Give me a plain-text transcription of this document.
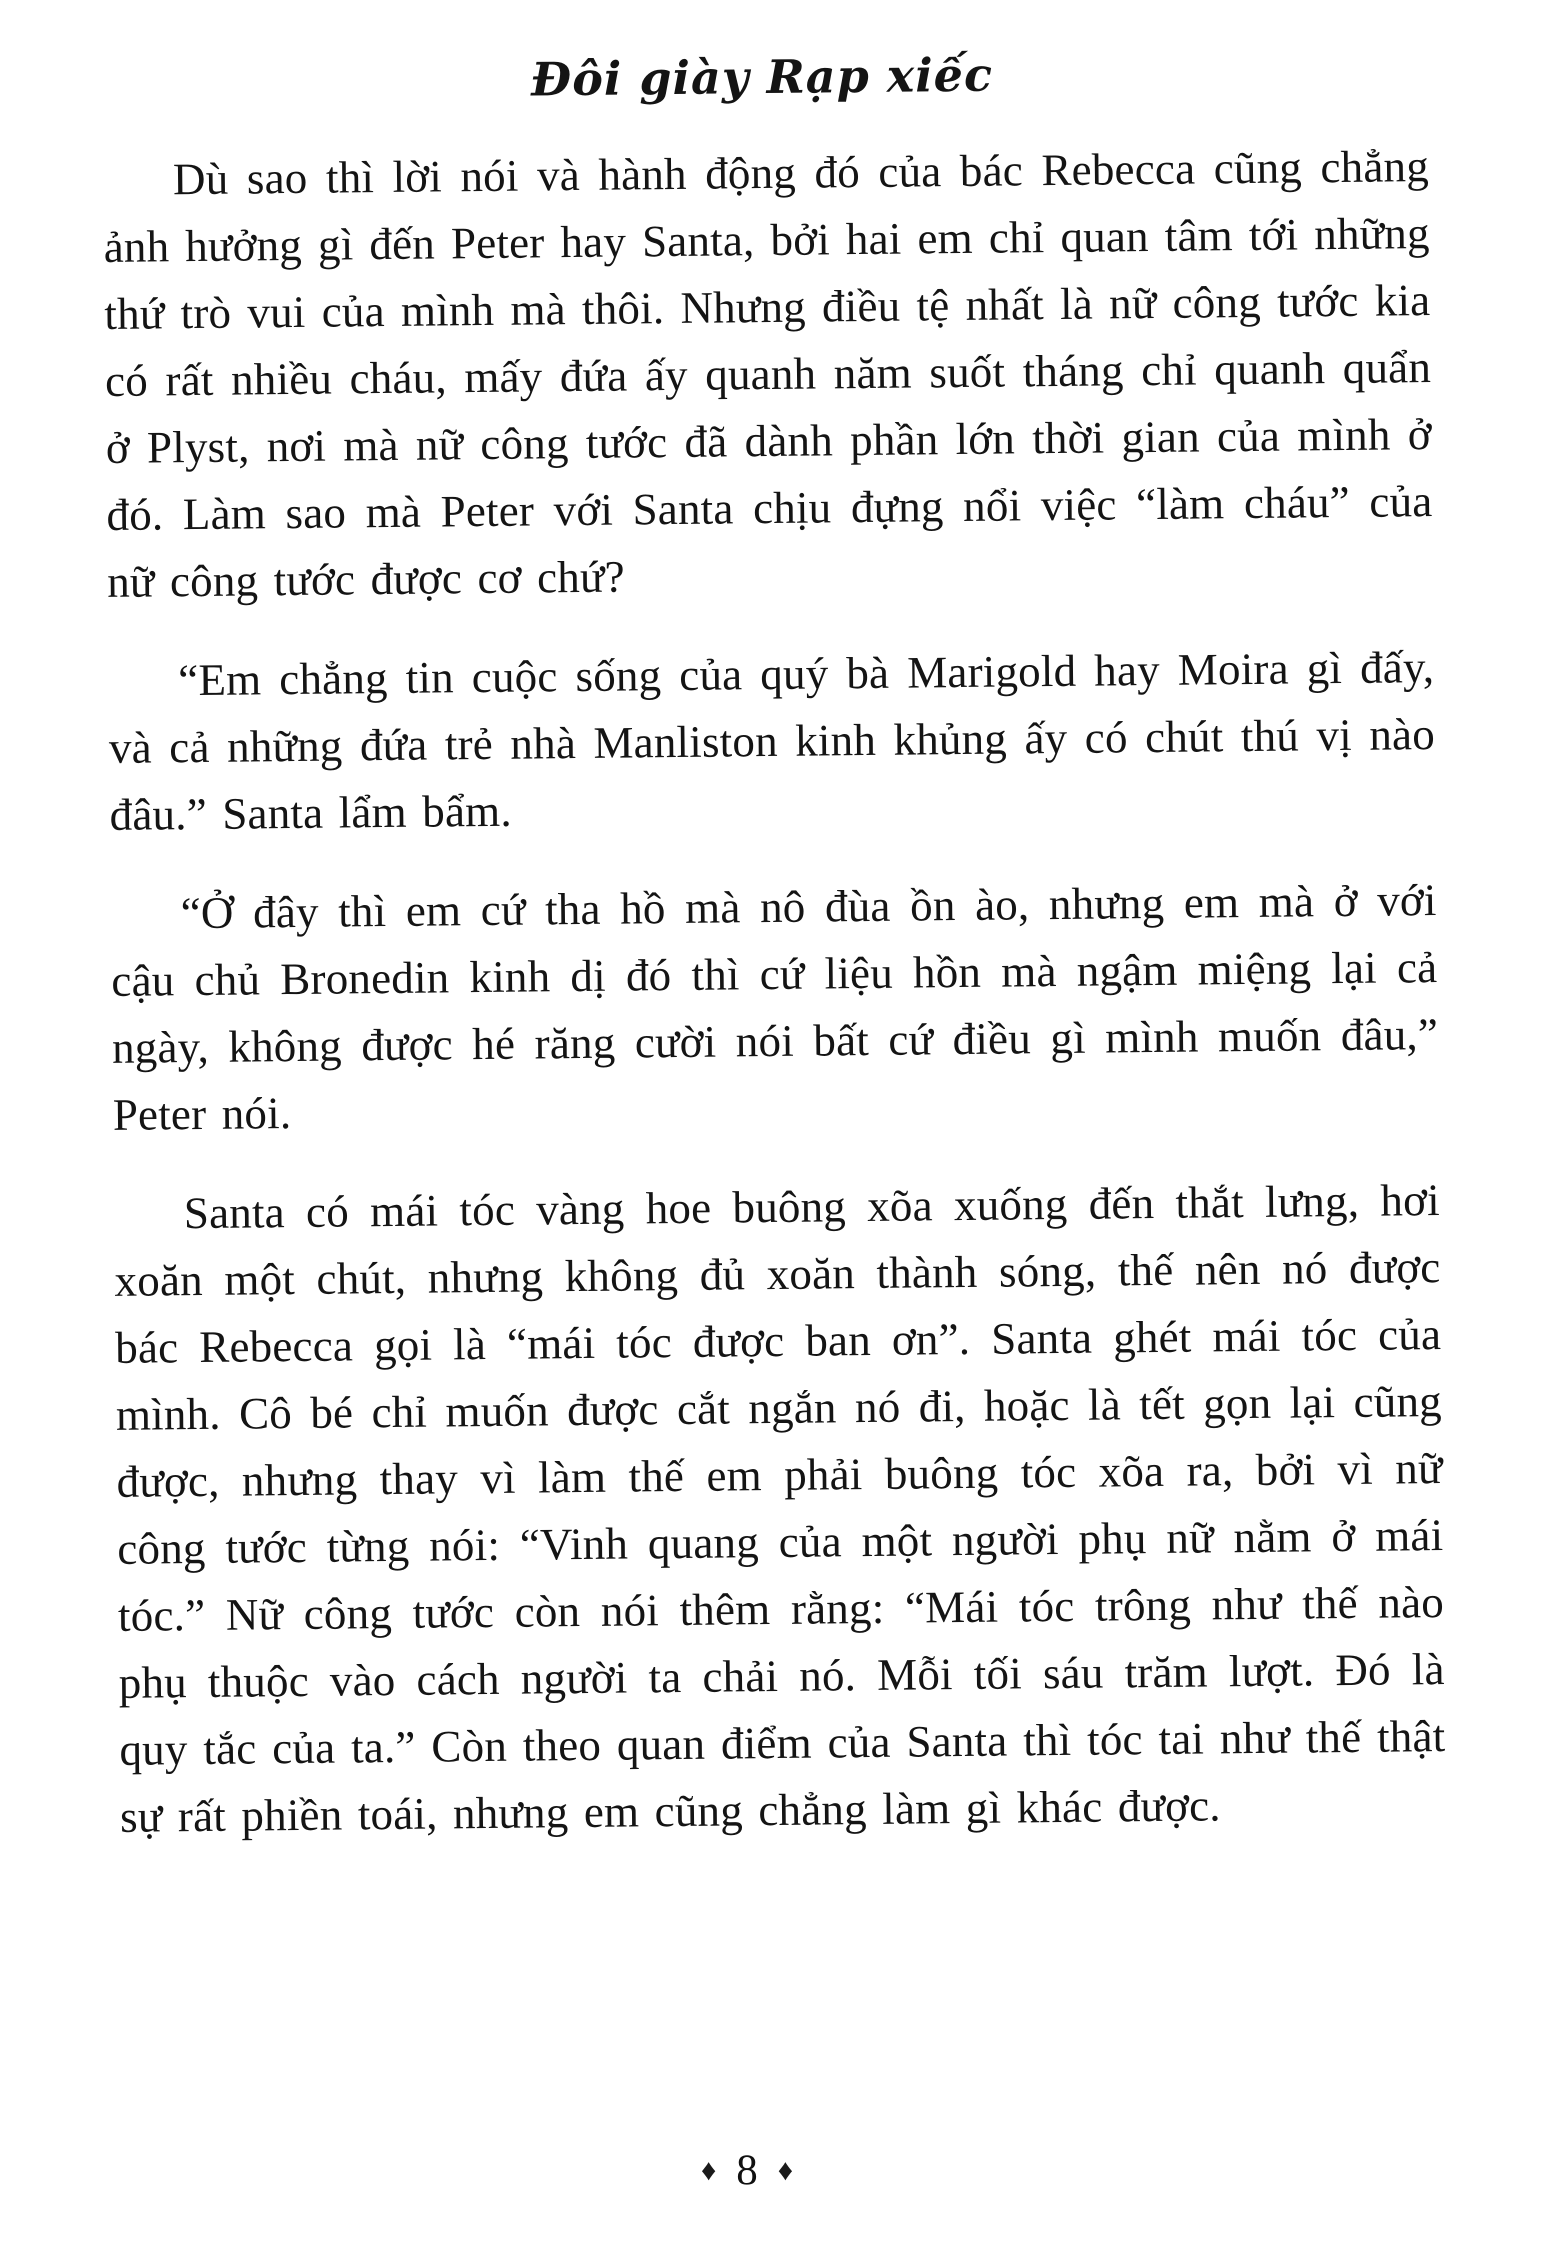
Đôi giày Rạp xiếc

Dù sao thì lời nói và hành động đó của bác Rebecca cũng chẳng ảnh hưởng gì đến Peter hay Santa, bởi hai em chỉ quan tâm tới những thứ trò vui của mình mà thôi. Nhưng điều tệ nhất là nữ công tước kia có rất nhiều cháu, mấy đứa ấy quanh năm suốt tháng chỉ quanh quẩn ở Plyst, nơi mà nữ công tước đã dành phần lớn thời gian của mình ở đó. Làm sao mà Peter với Santa chịu đựng nổi việc “làm cháu” của nữ công tước được cơ chứ?

“Em chẳng tin cuộc sống của quý bà Marigold hay Moira gì đấy, và cả những đứa trẻ nhà Manliston kinh khủng ấy có chút thú vị nào đâu.” Santa lẩm bẩm.

“Ở đây thì em cứ tha hồ mà nô đùa ồn ào, nhưng em mà ở với cậu chủ Bronedin kinh dị đó thì cứ liệu hồn mà ngậm miệng lại cả ngày, không được hé răng cười nói bất cứ điều gì mình muốn đâu,” Peter nói.

Santa có mái tóc vàng hoe buông xõa xuống đến thắt lưng, hơi xoăn một chút, nhưng không đủ xoăn thành sóng, thế nên nó được bác Rebecca gọi là “mái tóc được ban ơn”. Santa ghét mái tóc của mình. Cô bé chỉ muốn được cắt ngắn nó đi, hoặc là tết gọn lại cũng được, nhưng thay vì làm thế em phải buông tóc xõa ra, bởi vì nữ công tước từng nói: “Vinh quang của một người phụ nữ nằm ở mái tóc.” Nữ công tước còn nói thêm rằng: “Mái tóc trông như thế nào phụ thuộc vào cách người ta chải nó. Mỗi tối sáu trăm lượt. Đó là quy tắc của ta.” Còn theo quan điểm của Santa thì tóc tai như thế thật sự rất phiền toái, nhưng em cũng chẳng làm gì khác được.

♦ 8 ♦
